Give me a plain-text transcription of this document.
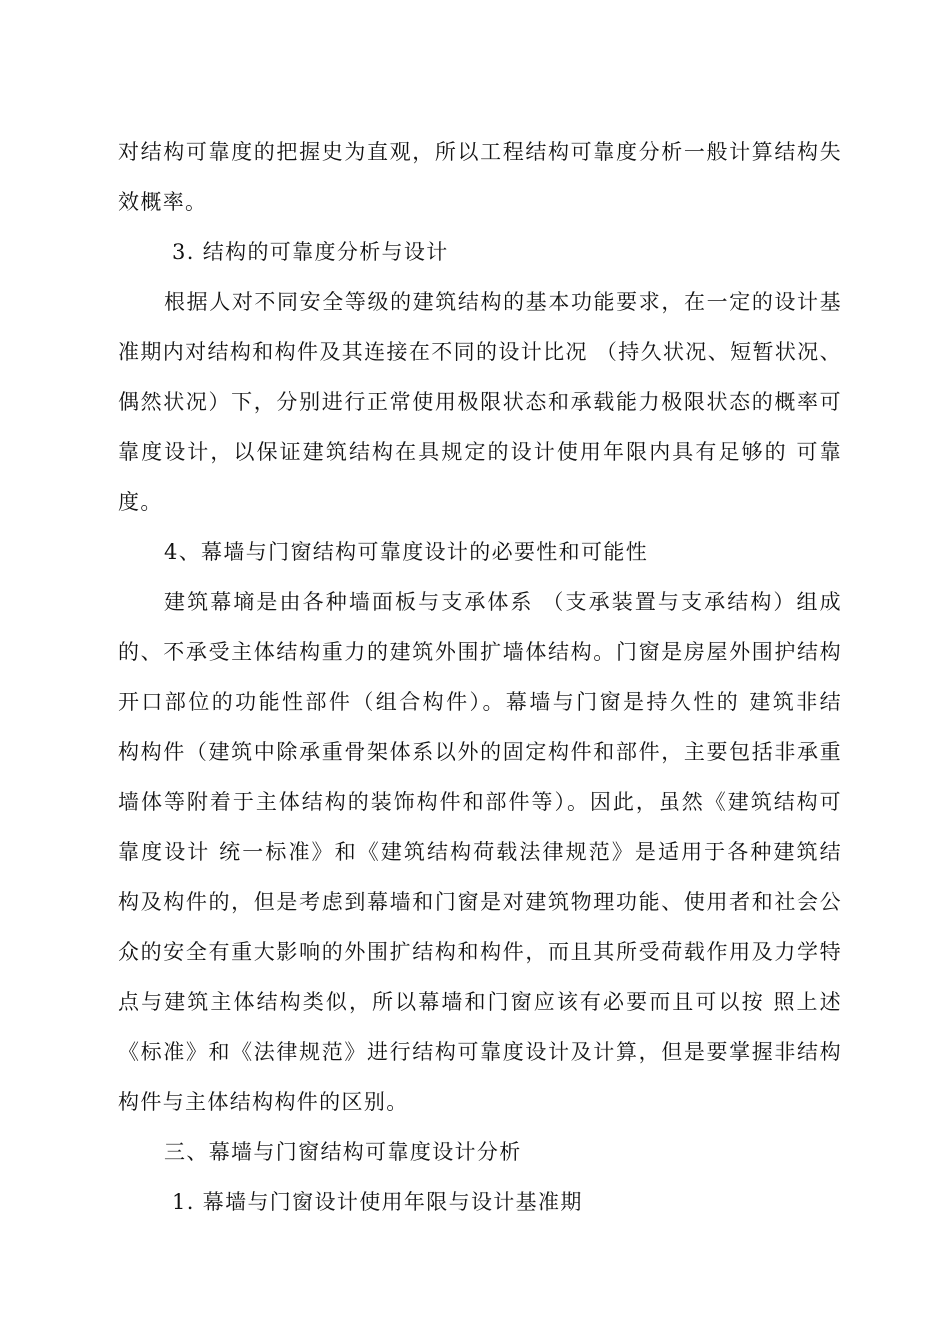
对结构可靠度的把握史为直观，所以工程结构可靠度分析一般计算结构失
效概率。
3. 结构的可靠度分析与设计
根据人对不同安全等级的建筑结构的基本功能要求，在一定的设计基
准期内对结构和构件及其连接在不同的设计比况 （持久状况、短暂状况、
偶然状况）下，分别进行正常使用极限状态和承载能力极限状态的概率可
靠度设计，以保证建筑结构在具规定的设计使用年限内具有足够的 可靠
度。
4、幕墙与门窗结构可靠度设计的必要性和可能性
建筑幕墒是由各种墙面板与支承体系 （支承装置与支承结构）组成
的、不承受主体结构重力的建筑外围扩墙体结构。门窗是房屋外围护结构
开口部位的功能性部件（组合构件）。幕墙与门窗是持久性的 建筑非结
构构件（建筑中除承重骨架体系以外的固定构件和部件，主要包括非承重
墙体等附着于主体结构的装饰构件和部件等）。因此，虽然《建筑结构可
靠度设计 统一标准》和《建筑结构荷载法律规范》是适用于各种建筑结
构及构件的，但是考虑到幕墙和门窗是对建筑物理功能、使用者和社会公
众的安全有重大影响的外围扩结构和构件，而且其所受荷载作用及力学特
点与建筑主体结构类似，所以幕墙和门窗应该有必要而且可以按 照上述
《标准》和《法律规范》进行结构可靠度设计及计算，但是要掌握非结构
构件与主体结构构件的区别。
三、幕墙与门窗结构可靠度设计分析
1. 幕墙与门窗设计使用年限与设计基准期
